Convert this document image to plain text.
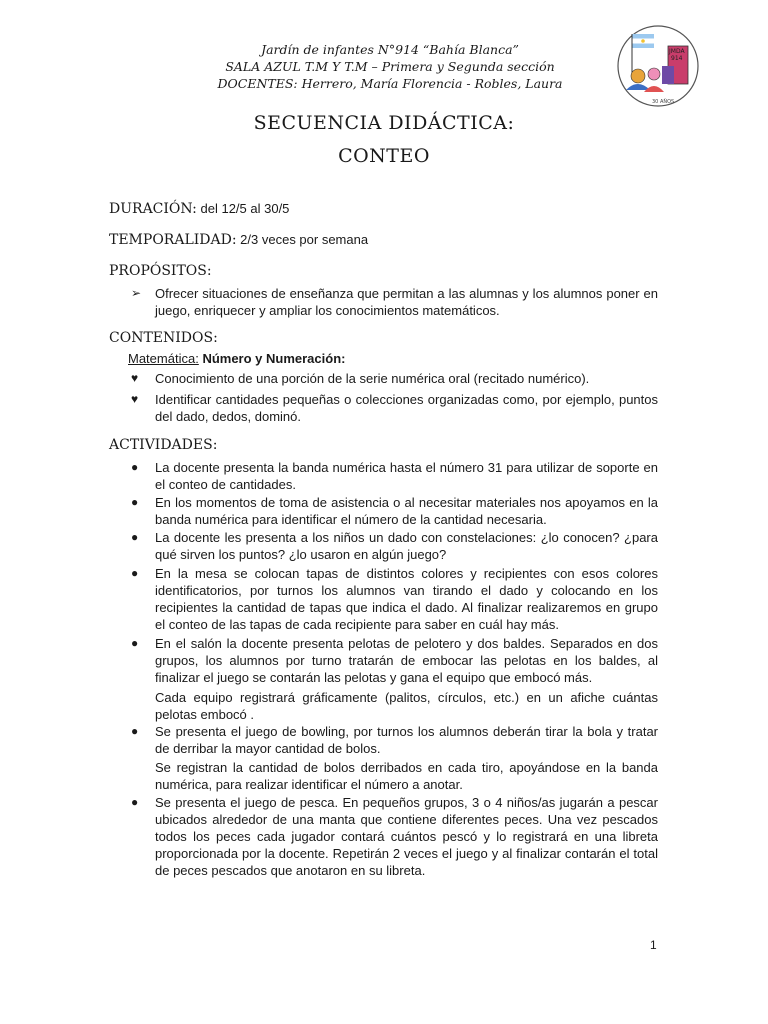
Jardín de infantes N°914 “Bahía Blanca”
SALA AZUL T.M Y T.M – Primera y Segunda sección
DOCENTES: Herrero, María Florencia - Robles, Laura
JMDA
914
30 AÑOS
SECUENCIA DIDÁCTICA:
CONTEO
DURACIÓN: del 12/5 al 30/5
TEMPORALIDAD: 2/3 veces por semana
PROPÓSITOS:
➢ Ofrecer situaciones de enseñanza que permitan a las alumnas y los alumnos poner en juego, enriquecer y ampliar los conocimientos matemáticos.
CONTENIDOS:
Matemática: Número y Numeración:
♥ Conocimiento de una porción de la serie numérica oral (recitado numérico).
♥ Identificar cantidades pequeñas o colecciones organizadas como, por ejemplo, puntos del dado, dedos, dominó.
ACTIVIDADES:
● La docente presenta la banda numérica hasta el número 31 para utilizar de soporte en el conteo de cantidades.
● En los momentos de toma de asistencia o al necesitar materiales nos apoyamos en la banda numérica para identificar el número de la cantidad necesaria.
● La docente les presenta a los niños un dado con constelaciones: ¿lo conocen? ¿para qué sirven los puntos? ¿lo usaron en algún juego?
● En la mesa se colocan tapas de distintos colores y recipientes con esos colores identificatorios, por turnos los alumnos van tirando el dado y colocando en los recipientes la cantidad de tapas que indica el dado. Al finalizar realizaremos en grupo el conteo de las tapas de cada recipiente para saber en cuál hay más.
● En el salón la docente presenta pelotas de pelotero y dos baldes. Separados en dos grupos, los alumnos por turno tratarán de embocar las pelotas en los baldes, al finalizar el juego se contarán las pelotas y gana el equipo que embocó más.
Cada equipo registrará gráficamente (palitos, círculos, etc.) en un afiche cuántas pelotas embocó .
● Se presenta el juego de bowling, por turnos los alumnos deberán tirar la bola y tratar de derribar la mayor cantidad de bolos.
Se registran la cantidad de bolos derribados en cada tiro, apoyándose en la banda numérica, para realizar identificar el número a anotar.
● Se presenta el juego de pesca. En pequeños grupos, 3 o 4 niños/as jugarán a pescar ubicados alrededor de una manta que contiene diferentes peces. Una vez pescados todos los peces cada jugador contará cuántos pescó y lo registrará en una libreta proporcionada por la docente. Repetirán 2 veces el juego y al finalizar contarán el total de peces pescados que anotaron en su libreta.
1
